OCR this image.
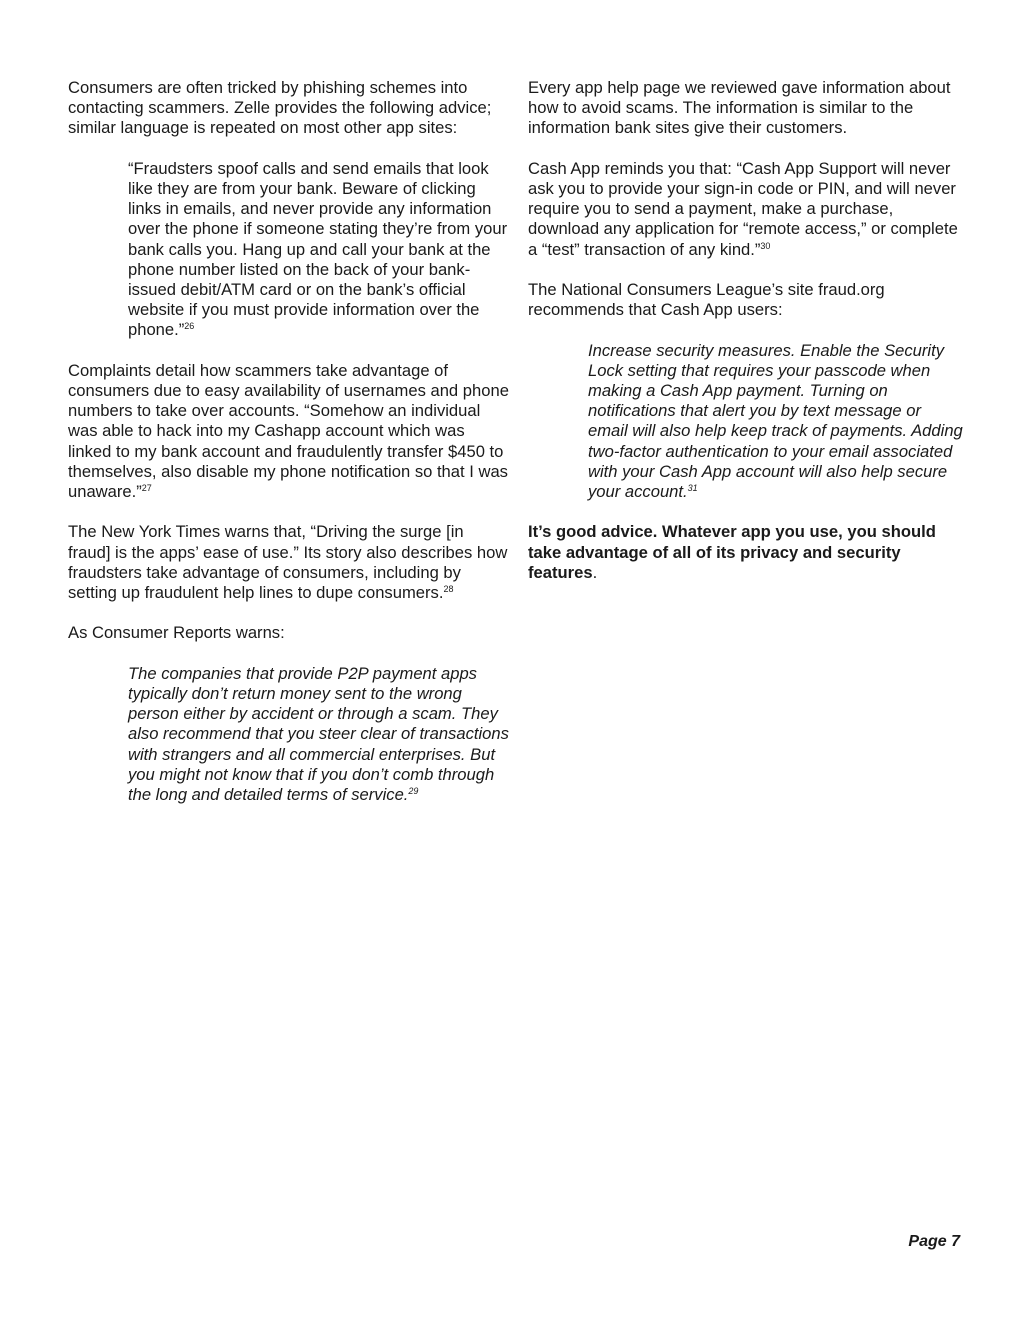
Consumers are often tricked by phishing schemes into contacting scammers. Zelle provides the following advice; similar language is repeated on most other app sites:

“Fraudsters spoof calls and send emails that look like they are from your bank. Beware of clicking links in emails, and never provide any information over the phone if someone stating they’re from your bank calls you. Hang up and call your bank at the phone number listed on the back of your bank-issued debit/ATM card or on the bank’s official website if you must provide information over the phone.”$^{26}$

Complaints detail how scammers take advantage of consumers due to easy availability of usernames and phone numbers to take over accounts. “Somehow an individual was able to hack into my Cashapp account which was linked to my bank account and fraudulently transfer $450 to themselves, also disable my phone notification so that I was unaware.”$^{27}$

The New York Times warns that, “Driving the surge [in fraud] is the apps’ ease of use.” Its story also describes how fraudsters take advantage of consumers, including by setting up fraudulent help lines to dupe consumers.$^{28}$

As Consumer Reports warns:

The companies that provide P2P payment apps typically don’t return money sent to the wrong person either by accident or through a scam. They also recommend that you steer clear of transactions with strangers and all commercial enterprises. But you might not know that if you don’t comb through the long and detailed terms of service.$^{29}$

Every app help page we reviewed gave information about how to avoid scams. The information is similar to the information bank sites give their customers.

Cash App reminds you that: “Cash App Support will never ask you to provide your sign-in code or PIN, and will never require you to send a payment, make a purchase, download any application for “remote access,” or complete a “test” transaction of any kind.”$^{30}$

The National Consumers League’s site fraud.org recommends that Cash App users:

Increase security measures. Enable the Security Lock setting that requires your passcode when making a Cash App payment. Turning on notifications that alert you by text message or email will also help keep track of payments. Adding two-factor authentication to your email associated with your Cash App account will also help secure your account.$^{31}$

It’s good advice. Whatever app you use, you should take advantage of all of its privacy and security features.

Page 7
